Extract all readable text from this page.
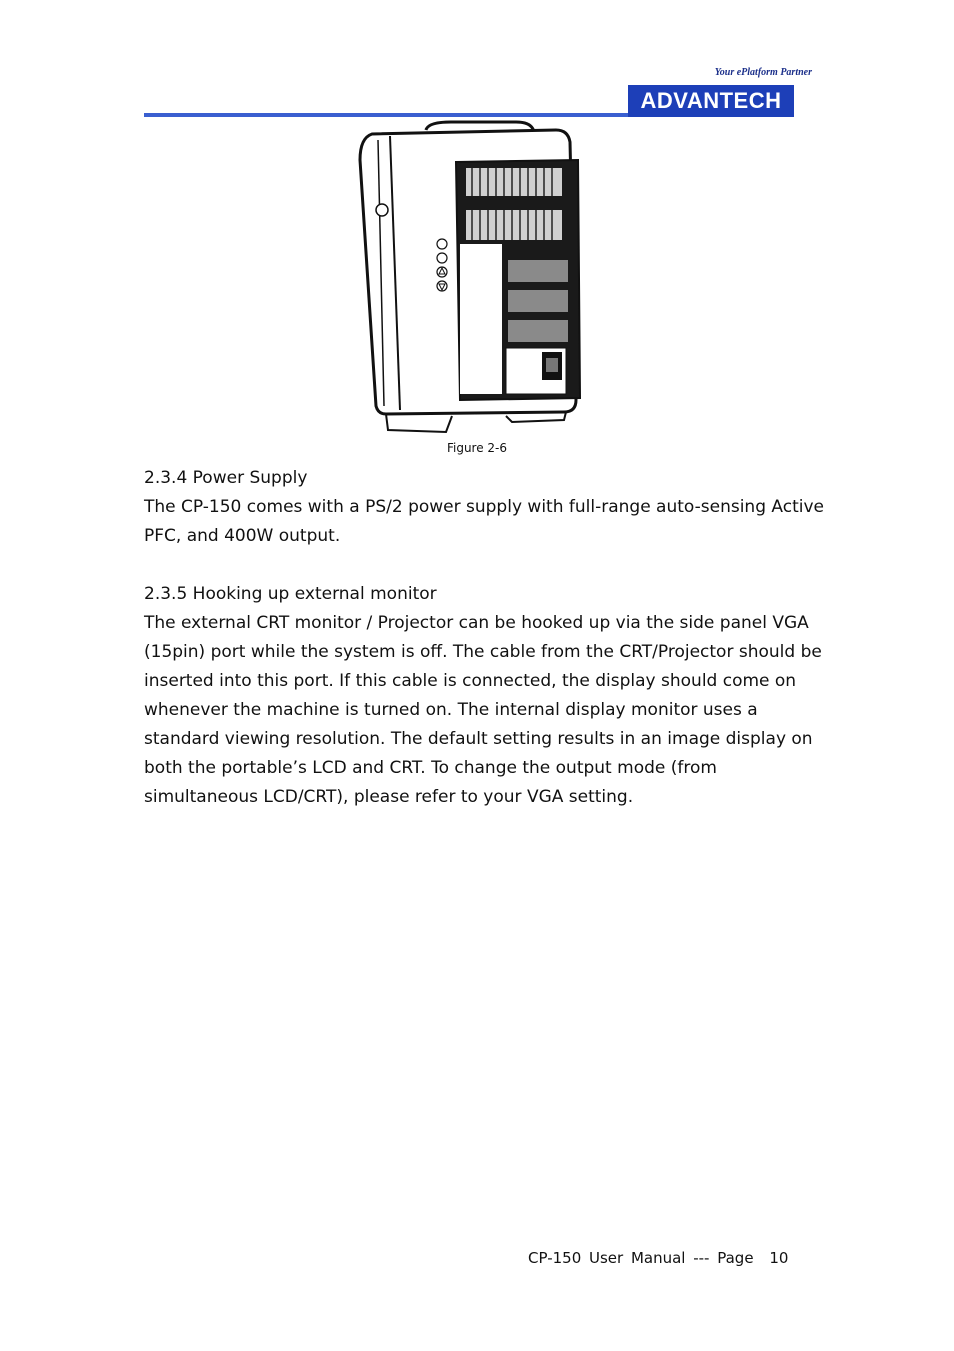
Your ePlatform Partner
ADVANTECH
Figure 2-6

2.3.4 Power Supply

The CP-150 comes with a PS/2 power supply with full-range auto-sensing Active PFC, and 400W output.

2.3.5 Hooking up external monitor

The external CRT monitor / Projector can be hooked up via the side panel VGA (15pin) port while the system is off. The cable from the CRT/Projector should be inserted into this port. If this cable is connected, the display should come on whenever the machine is turned on. The internal display monitor uses a standard viewing resolution. The default setting results in an image display on both the portable’s LCD and CRT. To change the output mode (from simultaneous LCD/CRT), please refer to your VGA setting.

CP-150 User Manual --- Page 10
